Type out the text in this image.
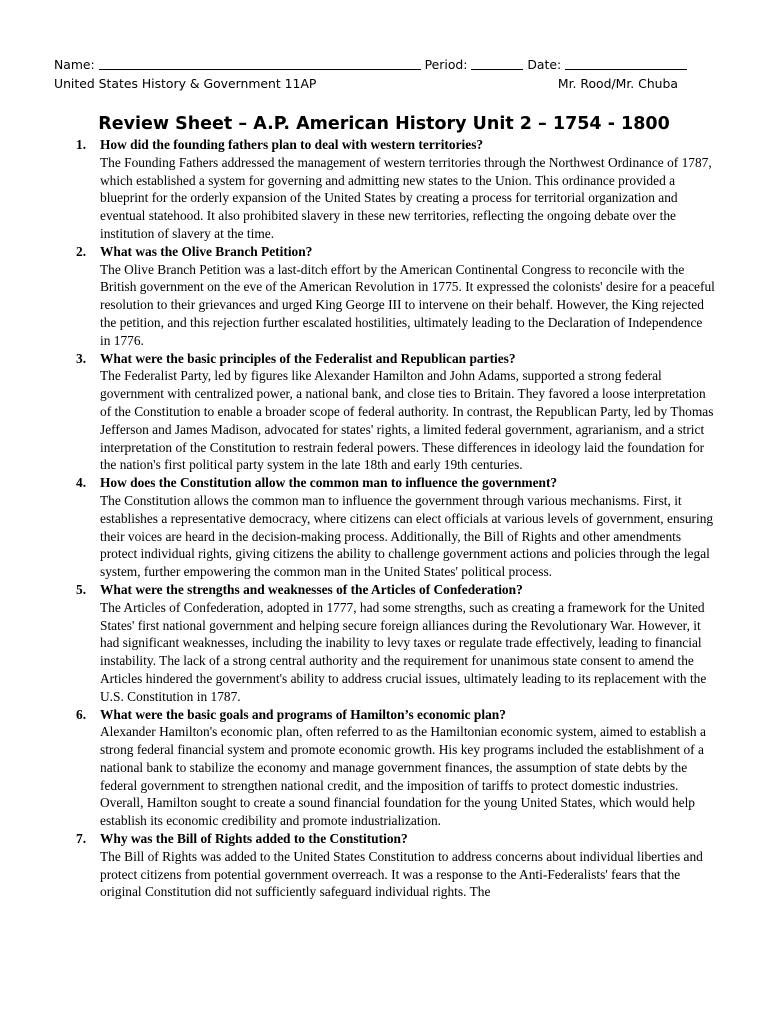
Name:	Period:	Date:
United States History & Government 11AP	Mr. Rood/Mr. Chuba
Review Sheet – A.P. American History Unit 2 – 1754 - 1800
1. How did the founding fathers plan to deal with western territories?
The Founding Fathers addressed the management of western territories through the Northwest Ordinance of 1787, which established a system for governing and admitting new states to the Union. This ordinance provided a blueprint for the orderly expansion of the United States by creating a process for territorial organization and eventual statehood. It also prohibited slavery in these new territories, reflecting the ongoing debate over the institution of slavery at the time.
2. What was the Olive Branch Petition?
The Olive Branch Petition was a last-ditch effort by the American Continental Congress to reconcile with the British government on the eve of the American Revolution in 1775. It expressed the colonists' desire for a peaceful resolution to their grievances and urged King George III to intervene on their behalf. However, the King rejected the petition, and this rejection further escalated hostilities, ultimately leading to the Declaration of Independence in 1776.
3. What were the basic principles of the Federalist and Republican parties?
The Federalist Party, led by figures like Alexander Hamilton and John Adams, supported a strong federal government with centralized power, a national bank, and close ties to Britain. They favored a loose interpretation of the Constitution to enable a broader scope of federal authority. In contrast, the Republican Party, led by Thomas Jefferson and James Madison, advocated for states' rights, a limited federal government, agrarianism, and a strict interpretation of the Constitution to restrain federal powers. These differences in ideology laid the foundation for the nation's first political party system in the late 18th and early 19th centuries.
4. How does the Constitution allow the common man to influence the government?
The Constitution allows the common man to influence the government through various mechanisms. First, it establishes a representative democracy, where citizens can elect officials at various levels of government, ensuring their voices are heard in the decision-making process. Additionally, the Bill of Rights and other amendments protect individual rights, giving citizens the ability to challenge government actions and policies through the legal system, further empowering the common man in the United States' political process.
5. What were the strengths and weaknesses of the Articles of Confederation?
The Articles of Confederation, adopted in 1777, had some strengths, such as creating a framework for the United States' first national government and helping secure foreign alliances during the Revolutionary War. However, it had significant weaknesses, including the inability to levy taxes or regulate trade effectively, leading to financial instability. The lack of a strong central authority and the requirement for unanimous state consent to amend the Articles hindered the government's ability to address crucial issues, ultimately leading to its replacement with the U.S. Constitution in 1787.
6. What were the basic goals and programs of Hamilton’s economic plan?
Alexander Hamilton's economic plan, often referred to as the Hamiltonian economic system, aimed to establish a strong federal financial system and promote economic growth. His key programs included the establishment of a national bank to stabilize the economy and manage government finances, the assumption of state debts by the federal government to strengthen national credit, and the imposition of tariffs to protect domestic industries. Overall, Hamilton sought to create a sound financial foundation for the young United States, which would help establish its economic credibility and promote industrialization.
7. Why was the Bill of Rights added to the Constitution?
The Bill of Rights was added to the United States Constitution to address concerns about individual liberties and protect citizens from potential government overreach. It was a response to the Anti-Federalists' fears that the original Constitution did not sufficiently safeguard individual rights. The
